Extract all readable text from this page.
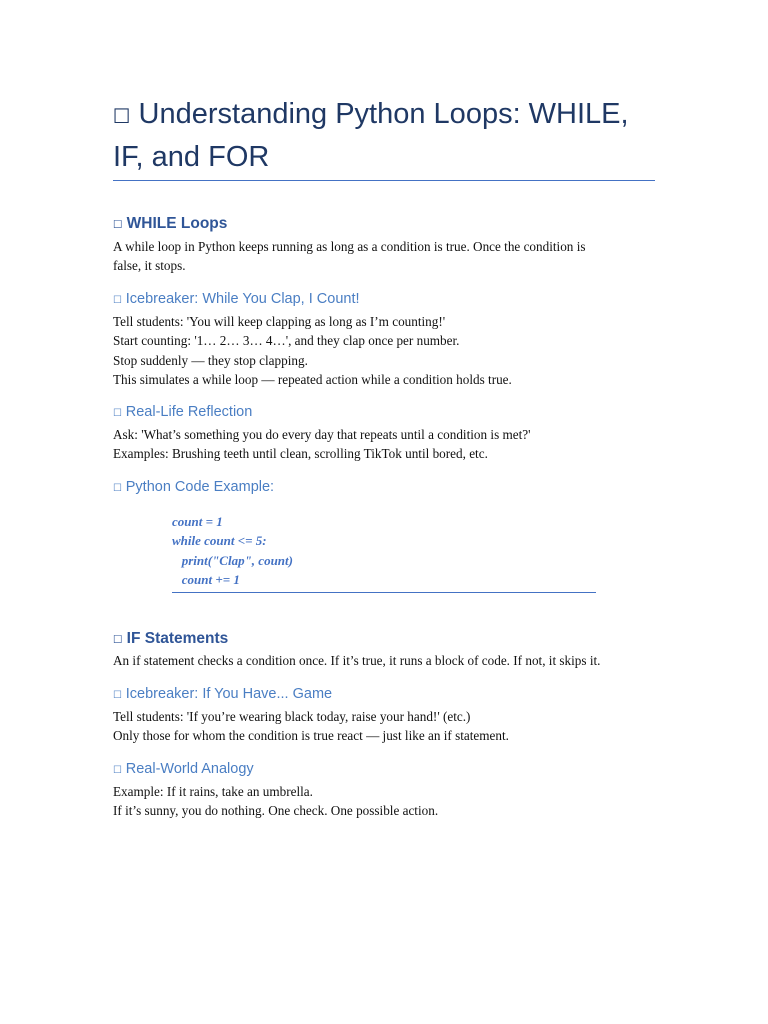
☐ Understanding Python Loops: WHILE, IF, and FOR
☐ WHILE Loops

A while loop in Python keeps running as long as a condition is true. Once the condition is
false, it stops.

☐ Icebreaker: While You Clap, I Count!

Tell students: 'You will keep clapping as long as I’m counting!'
Start counting: '1… 2… 3… 4…', and they clap once per number.
Stop suddenly — they stop clapping.
This simulates a while loop — repeated action while a condition holds true.

☐ Real-Life Reflection

Ask: 'What’s something you do every day that repeats until a condition is met?'
Examples: Brushing teeth until clean, scrolling TikTok until bored, etc.

☐ Python Code Example:
count = 1
while count <= 5:
print("Clap", count)
count += 1
☐ IF Statements

An if statement checks a condition once. If it’s true, it runs a block of code. If not, it skips it.

☐ Icebreaker: If You Have... Game

Tell students: 'If you’re wearing black today, raise your hand!' (etc.)
Only those for whom the condition is true react — just like an if statement.

☐ Real-World Analogy

Example: If it rains, take an umbrella.
If it’s sunny, you do nothing. One check. One possible action.
